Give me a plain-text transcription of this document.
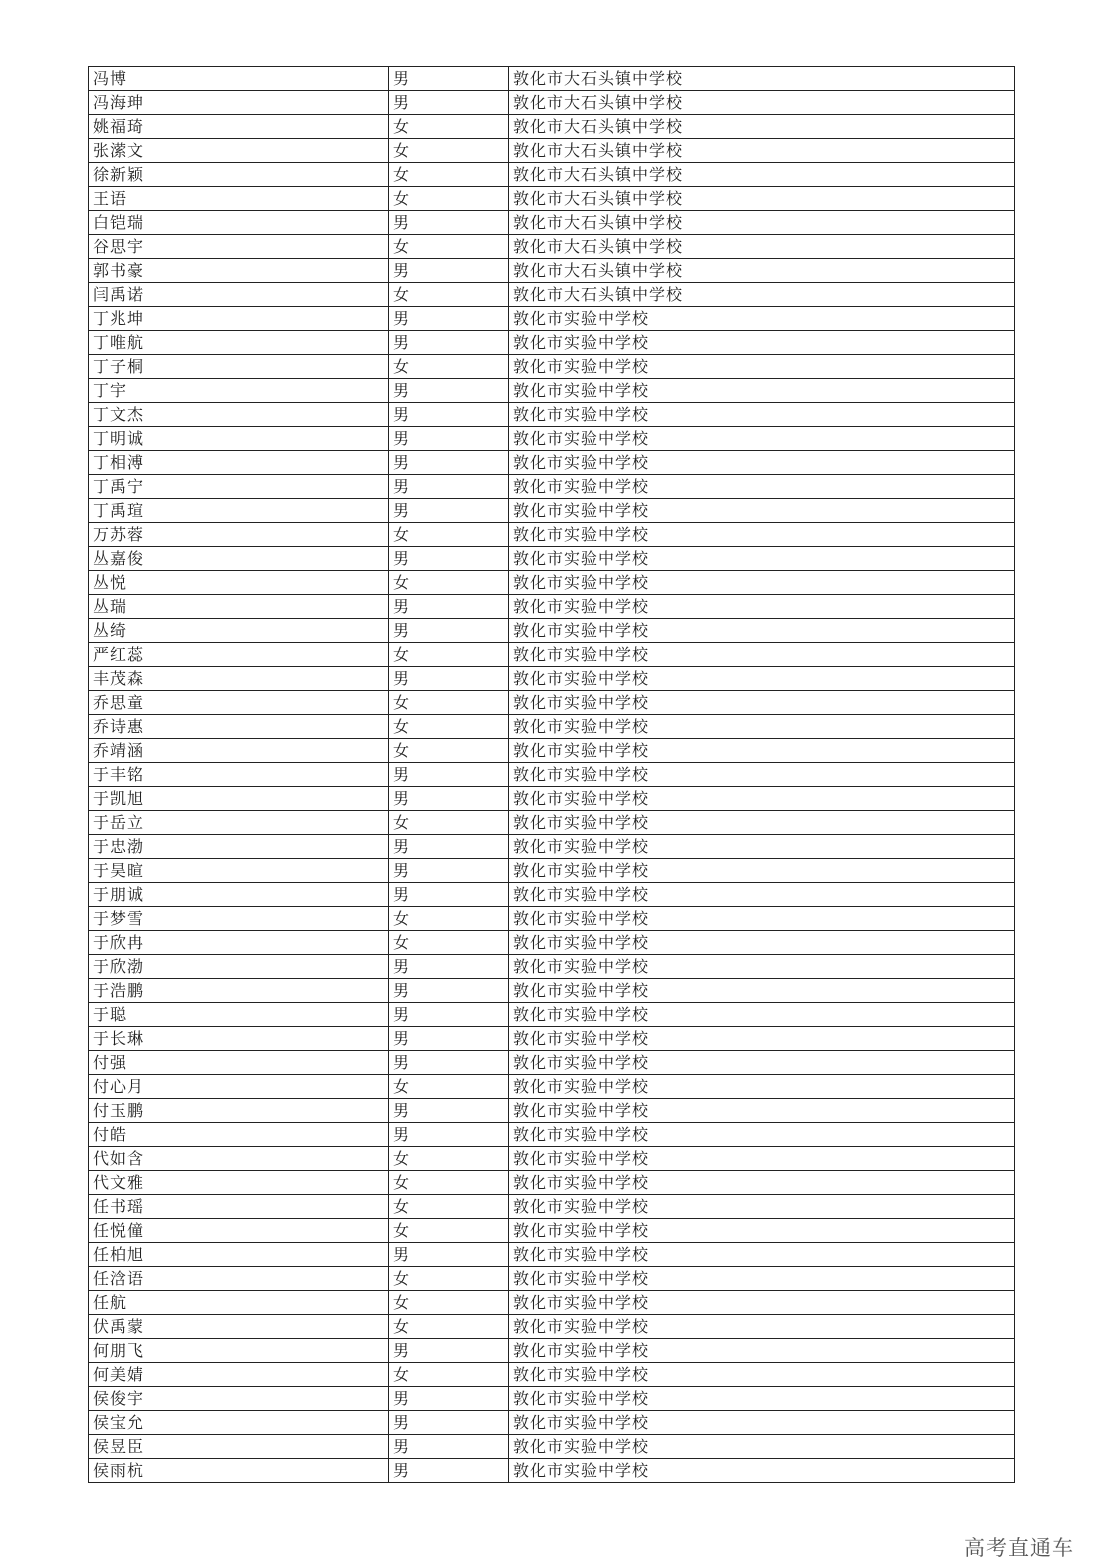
冯博	男	敦化市大石头镇中学校
冯海珅	男	敦化市大石头镇中学校
姚福琦	女	敦化市大石头镇中学校
张潆文	女	敦化市大石头镇中学校
徐新颖	女	敦化市大石头镇中学校
王语	女	敦化市大石头镇中学校
白铠瑞	男	敦化市大石头镇中学校
谷思宇	女	敦化市大石头镇中学校
郭书豪	男	敦化市大石头镇中学校
闫禹诺	女	敦化市大石头镇中学校
丁兆坤	男	敦化市实验中学校
丁唯航	男	敦化市实验中学校
丁子桐	女	敦化市实验中学校
丁宇	男	敦化市实验中学校
丁文杰	男	敦化市实验中学校
丁明诚	男	敦化市实验中学校
丁相溥	男	敦化市实验中学校
丁禹宁	男	敦化市实验中学校
丁禹瑄	男	敦化市实验中学校
万苏蓉	女	敦化市实验中学校
丛嘉俊	男	敦化市实验中学校
丛悦	女	敦化市实验中学校
丛瑞	男	敦化市实验中学校
丛绮	男	敦化市实验中学校
严红蕊	女	敦化市实验中学校
丰茂森	男	敦化市实验中学校
乔思童	女	敦化市实验中学校
乔诗惠	女	敦化市实验中学校
乔靖涵	女	敦化市实验中学校
于丰铭	男	敦化市实验中学校
于凯旭	男	敦化市实验中学校
于岳立	女	敦化市实验中学校
于忠渤	男	敦化市实验中学校
于昊暄	男	敦化市实验中学校
于朋诚	男	敦化市实验中学校
于梦雪	女	敦化市实验中学校
于欣冉	女	敦化市实验中学校
于欣渤	男	敦化市实验中学校
于浩鹏	男	敦化市实验中学校
于聪	男	敦化市实验中学校
于长琳	男	敦化市实验中学校
付强	男	敦化市实验中学校
付心月	女	敦化市实验中学校
付玉鹏	男	敦化市实验中学校
付皓	男	敦化市实验中学校
代如含	女	敦化市实验中学校
代文雅	女	敦化市实验中学校
任书瑶	女	敦化市实验中学校
任悦僮	女	敦化市实验中学校
任柏旭	男	敦化市实验中学校
任浛语	女	敦化市实验中学校
任航	女	敦化市实验中学校
伏禹蒙	女	敦化市实验中学校
何朋飞	男	敦化市实验中学校
何美婧	女	敦化市实验中学校
侯俊宇	男	敦化市实验中学校
侯宝允	男	敦化市实验中学校
侯昱臣	男	敦化市实验中学校
侯雨杭	男	敦化市实验中学校
高考直通车
